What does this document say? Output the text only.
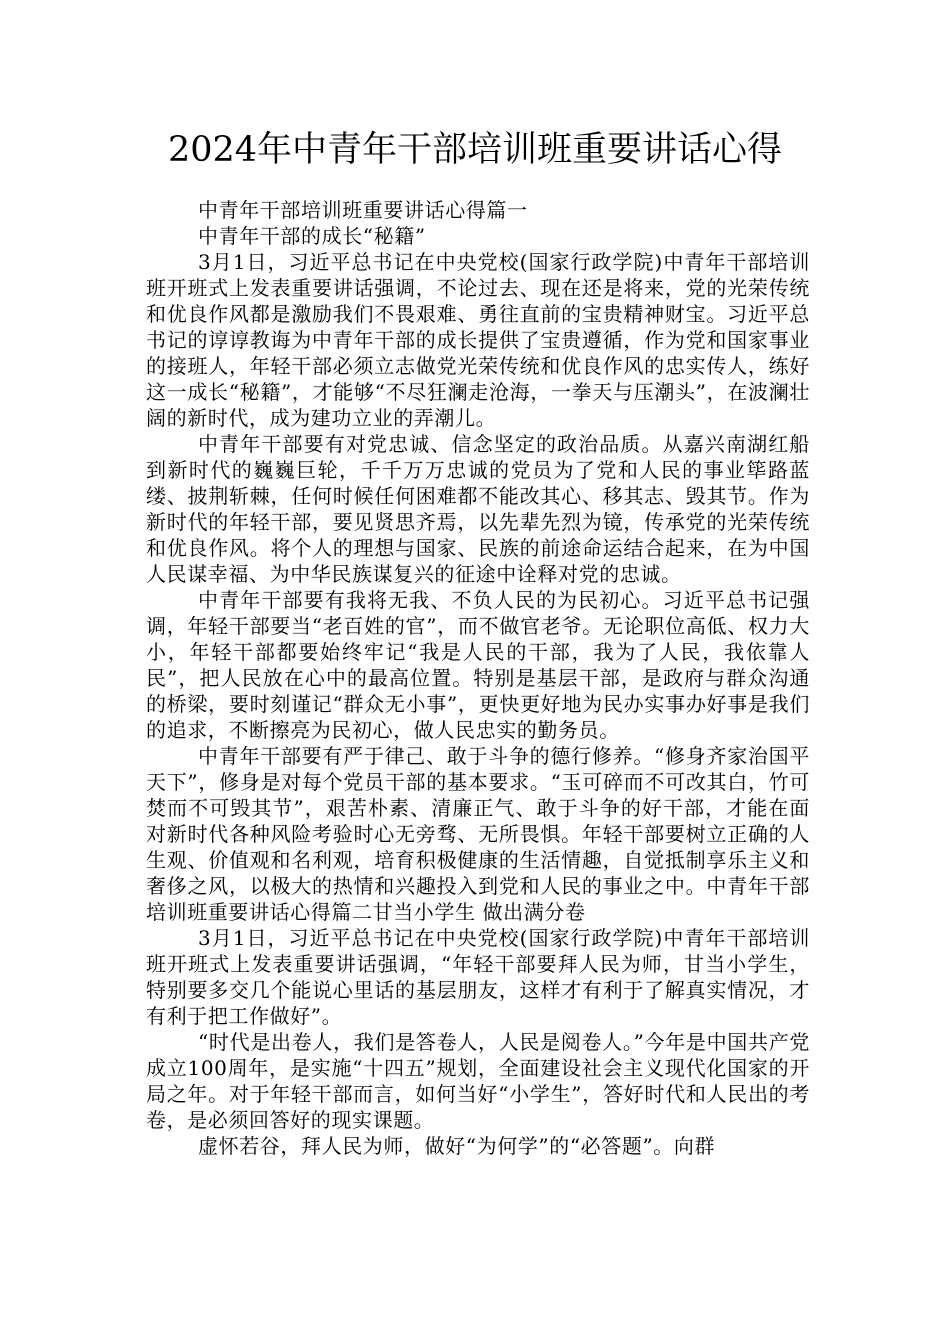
2024年中青年干部培训班重要讲话心得

中青年干部培训班重要讲话心得篇一

中青年干部的成长“秘籍”

3月1日，习近平总书记在中央党校(国家行政学院)中青年干部培训班开班式上发表重要讲话强调，不论过去、现在还是将来，党的光荣传统和优良作风都是激励我们不畏艰难、勇往直前的宝贵精神财宝。习近平总书记的谆谆教诲为中青年干部的成长提供了宝贵遵循，作为党和国家事业的接班人，年轻干部必须立志做党光荣传统和优良作风的忠实传人，练好这一成长“秘籍”，才能够“不尽狂澜走沧海，一拳天与压潮头”，在波澜壮阔的新时代，成为建功立业的弄潮儿。

中青年干部要有对党忠诚、信念坚定的政治品质。从嘉兴南湖红船到新时代的巍巍巨轮，千千万万忠诚的党员为了党和人民的事业筚路蓝缕、披荆斩棘，任何时候任何困难都不能改其心、移其志、毁其节。作为新时代的年轻干部，要见贤思齐焉，以先辈先烈为镜，传承党的光荣传统和优良作风。将个人的理想与国家、民族的前途命运结合起来，在为中国人民谋幸福、为中华民族谋复兴的征途中诠释对党的忠诚。

中青年干部要有我将无我、不负人民的为民初心。习近平总书记强调，年轻干部要当“老百姓的官”，而不做官老爷。无论职位高低、权力大小，年轻干部都要始终牢记“我是人民的干部，我为了人民，我依靠人民”，把人民放在心中的最高位置。特别是基层干部，是政府与群众沟通的桥梁，要时刻谨记“群众无小事”，更快更好地为民办实事办好事是我们的追求，不断擦亮为民初心，做人民忠实的勤务员。

中青年干部要有严于律己、敢于斗争的德行修养。“修身齐家治国平天下”，修身是对每个党员干部的基本要求。“玉可碎而不可改其白，竹可焚而不可毁其节”，艰苦朴素、清廉正气、敢于斗争的好干部，才能在面对新时代各种风险考验时心无旁骛、无所畏惧。年轻干部要树立正确的人生观、价值观和名利观，培育积极健康的生活情趣，自觉抵制享乐主义和奢侈之风，以极大的热情和兴趣投入到党和人民的事业之中。中青年干部培训班重要讲话心得篇二甘当小学生 做出满分卷

3月1日，习近平总书记在中央党校(国家行政学院)中青年干部培训班开班式上发表重要讲话强调，“年轻干部要拜人民为师，甘当小学生，特别要多交几个能说心里话的基层朋友，这样才有利于了解真实情况，才有利于把工作做好”。

“时代是出卷人，我们是答卷人，人民是阅卷人。”今年是中国共产党成立100周年，是实施“十四五”规划，全面建设社会主义现代化国家的开局之年。对于年轻干部而言，如何当好“小学生”，答好时代和人民出的考卷，是必须回答好的现实课题。

虚怀若谷，拜人民为师，做好“为何学”的“必答题”。向群
